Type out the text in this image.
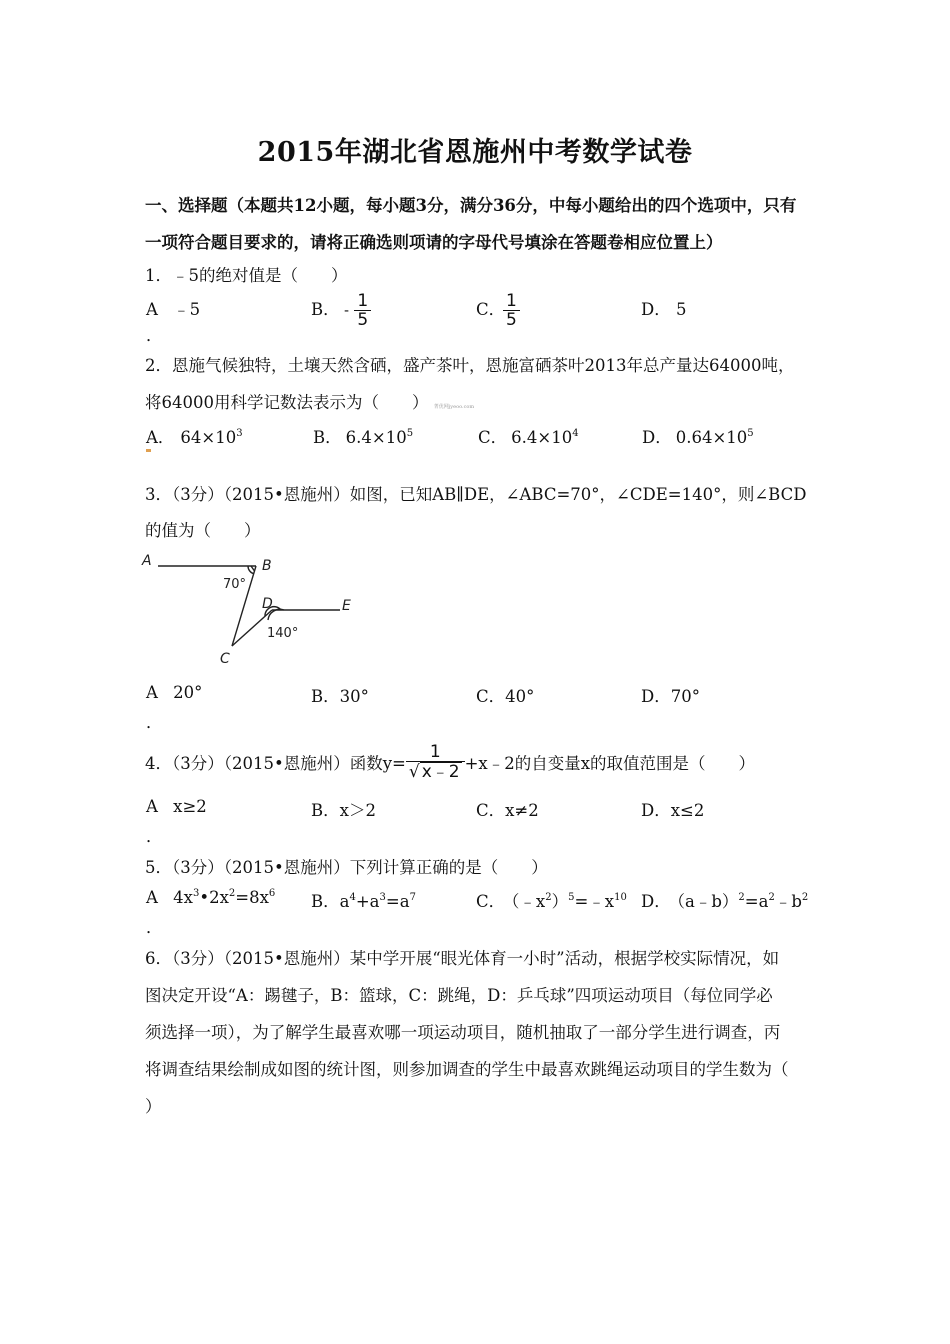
2015年湖北省恩施州中考数学试卷
一、选择题（本题共12小题，每小题3分，满分36分，中每小题给出的四个选项中，只有
一项符合题目要求的，请将正确选则项请的字母代号填涂在答题卷相应位置上）
1．﹣5的绝对值是（　　）
A ﹣5
．
B． - $\frac{1}{5}$	C．
$\frac{1}{5}$	D． 5
2．恩施气候独特，土壤天然含硒，盛产茶叶，恩施富硒茶叶2013年总产量达64000吨，
将64000用科学记数法表示为（　　） 菁优网jyeoo.com
A． $64\times 10^3$	B． $6.4\times 10^5$	C． $6.4\times 10^4$	D． $0.64\times 10^5$
3．（3分）（2015•恩施州）如图，已知AB∥DE，∠ABC=70°，∠CDE=140°，则∠BCD
的值为（　　）
A	B
C
D	E
70°
140°
A 20°
．
B．30°	C．40°	D．70°
4．（3分）（2015•恩施州）函数$y= \frac{1}{√ x﹣2}$ +x﹣2的自变量x的取值范围是（　　）
A x≥2
．
B．x＞2	C．x≠2	D．x≤2
5．（3分）（2015•恩施州）下列计算正确的是（　　）
A $4x^3•2x^2=8x^6$
．
B．$a^4+a^3=a^7$	C． $(﹣x^2)^5=﹣x^{10}$ D． $(a﹣b)^2=a^2﹣b^2$
6．（3分）（2015•恩施州）某中学开展“眼光体育一小时”活动，根据学校实际情况，如
图决定开设“A：踢毽子，B：篮球，C：跳绳，D：乒乓球”四项运动项目（每位同学必
须选择一项），为了解学生最喜欢哪一项运动项目，随机抽取了一部分学生进行调查，丙
将调查结果绘制成如图的统计图，则参加调查的学生中最喜欢跳绳运动项目的学生数为（
）
